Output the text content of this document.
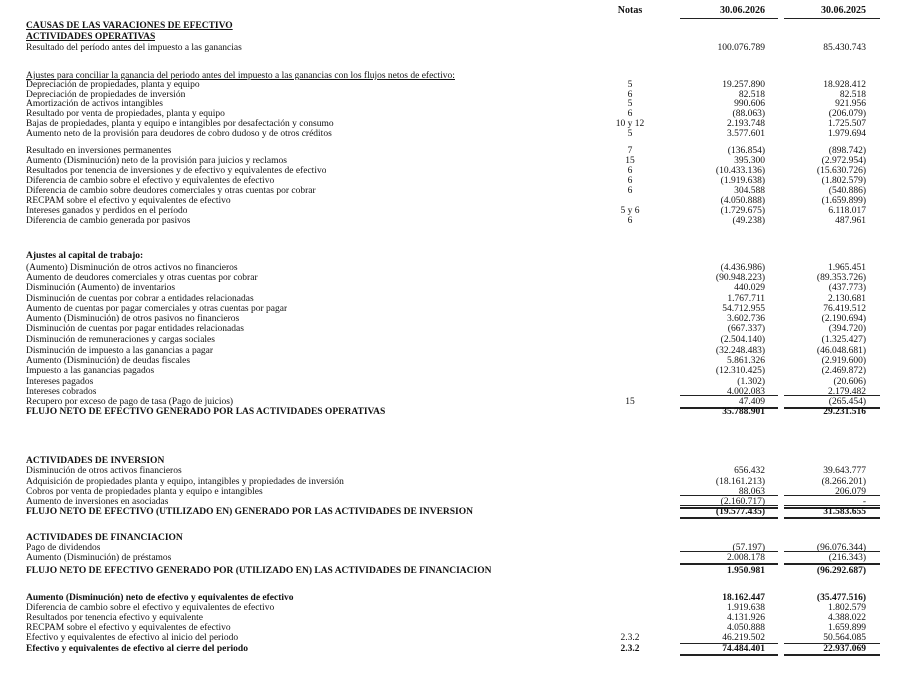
Notas	30.06.2026	30.06.2025
CAUSAS DE LAS VARACIONES DE EFECTIVO
ACTIVIDADES OPERATIVAS
Resultado del período antes del impuesto a las ganancias	100.076.789	85.430.743
Ajustes para conciliar la ganancia del periodo antes del impuesto a las ganancias con los flujos netos de efectivo:
Depreciación de propiedades, planta y equipo	5	19.257.890	18.928.412
Depreciación de propiedades de inversión	6	82.518	82.518
Amortización de activos intangibles	5	990.606	921.956
Resultado por venta de propiedades, planta y equipo	6	(88.063)	(206.079)
Bajas de propiedades, planta y equipo e intangibles por desafectación y consumo	10 y 12	2.193.748	1.725.507
Aumento neto de la provisión para deudores de cobro dudoso y de otros créditos	5	3.577.601	1.979.694
Resultado en inversiones permanentes	7	(136.854)	(898.742)
Aumento (Disminución) neto de la provisión para juicios y reclamos	15	395.300	(2.972.954)
Resultados por tenencia de inversiones y de efectivo y equivalentes de efectivo	6	(10.433.136)	(15.630.726)
Diferencia de cambio sobre el efectivo y equivalentes de efectivo	6	(1.919.638)	(1.802.579)
Diferencia de cambio sobre deudores comerciales y otras cuentas por cobrar	6	304.588	(540.886)
RECPAM sobre el efectivo y equivalentes de efectivo	(4.050.888)	(1.659.899)
Intereses ganados y perdidos en el período	5 y 6	(1.729.675)	6.118.017
Diferencia de cambio generada por pasivos	6	(49.238)	487.961
Ajustes al capital de trabajo:
(Aumento) Disminución de otros activos no financieros	(4.436.986)	1.965.451
Aumento de deudores comerciales y otras cuentas por cobrar	(90.948.223)	(89.353.726)
Disminución (Aumento) de inventarios	440.029	(437.773)
Disminución de cuentas por cobrar a entidades relacionadas	1.767.711	2.130.681
Aumento de cuentas por pagar comerciales y otras cuentas por pagar	54.712.955	76.419.512
Aumento (Disminución) de otros pasivos no financieros	3.602.736	(2.190.694)
Disminución de cuentas por pagar entidades relacionadas	(667.337)	(394.720)
Disminución de remuneraciones y cargas sociales	(2.504.140)	(1.325.427)
Disminución de impuesto a las ganancias a pagar	(32.248.483)	(46.048.681)
Aumento (Disminución) de deudas fiscales	5.861.326	(2.919.600)
Impuesto a las ganancias pagados	(12.310.425)	(2.469.872)
Intereses pagados	(1.302)	(20.606)
Intereses cobrados	4.002.083	2.179.482
Recupero por exceso de pago de tasa (Pago de juicios)	15	47.409	(265.454)
FLUJO NETO DE EFECTIVO GENERADO POR LAS ACTIVIDADES OPERATIVAS	35.788.901	29.231.516
ACTIVIDADES DE INVERSION
Disminución de otros activos financieros	656.432	39.643.777
Adquisición de propiedades planta y equipo, intangibles y propiedades de inversión	(18.161.213)	(8.266.201)
Cobros por venta de propiedades planta y equipo e intangibles	88.063	206.079
Aumento de inversiones en asociadas	(2.160.717)	-
FLUJO NETO DE EFECTIVO (UTILIZADO EN) GENERADO POR LAS ACTIVIDADES DE INVERSION	(19.577.435)	31.583.655
ACTIVIDADES DE FINANCIACION
Pago de dividendos	(57.197)	(96.076.344)
Aumento (Disminución) de préstamos	2.008.178	(216.343)
FLUJO NETO DE EFECTIVO GENERADO POR (UTILIZADO EN) LAS ACTIVIDADES DE FINANCIACION	1.950.981	(96.292.687)
Aumento (Disminución) neto de efectivo y equivalentes de efectivo	18.162.447	(35.477.516)
Diferencia de cambio sobre el efectivo y equivalentes de efectivo	1.919.638	1.802.579
Resultados por tenencia efectivo y equivalente	4.131.926	4.388.022
RECPAM sobre el efectivo y equivalentes de efectivo	4.050.888	1.659.899
Efectivo y equivalentes de efectivo al inicio del periodo	2.3.2	46.219.502	50.564.085
Efectivo y equivalentes de efectivo al cierre del periodo	2.3.2	74.484.401	22.937.069
